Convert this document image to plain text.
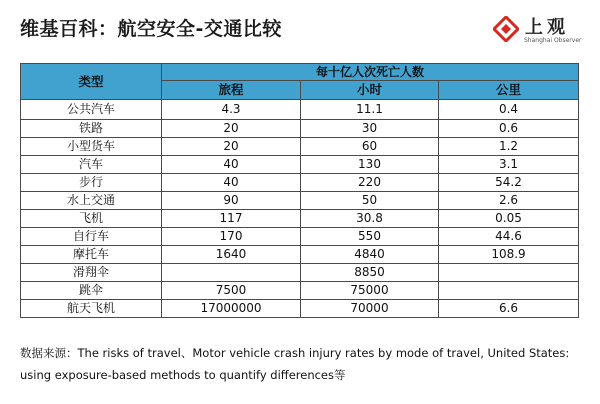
维基百科：航空安全-交通比较	上观
Shanghai Observer
类型	每十亿人次死亡人数		
	旅程	小时	公里
公共汽车	4.3	11.1	0.4
铁路	20	30	0.6
小型货车	20	60	1.2
汽车	40	130	3.1
步行	40	220	54.2
水上交通	90	50	2.6
飞机	117	30.8	0.05
自行车	170	550	44.6
摩托车	1640	4840	108.9
滑翔伞		8850	
跳伞	7500	75000	
航天飞机	17000000	70000	6.6
数据来源：The risks of travel、Motor vehicle crash injury rates by mode of travel, United States: using exposure-based methods to quantify differences等
